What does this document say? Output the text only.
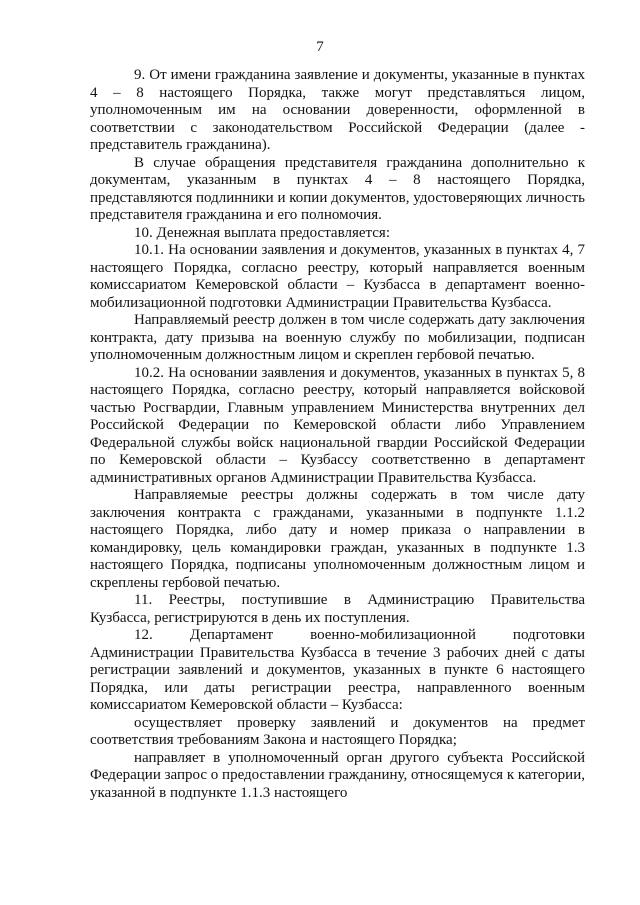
7

9. От имени гражданина заявление и документы, указанные в пунктах 4 – 8 настоящего Порядка, также могут представляться лицом, уполномоченным им на основании доверенности, оформленной в соответствии с законодательством Российской Федерации (далее - представитель гражданина).

В случае обращения представителя гражданина дополнительно к документам, указанным в пунктах 4 – 8 настоящего Порядка, представляются подлинники и копии документов, удостоверяющих личность представителя гражданина и его полномочия.

10. Денежная выплата предоставляется:

10.1. На основании заявления и документов, указанных в пунктах 4, 7 настоящего Порядка, согласно реестру, который направляется военным комиссариатом Кемеровской области – Кузбасса в департамент военно-мобилизационной подготовки Администрации Правительства Кузбасса.

Направляемый реестр должен в том числе содержать дату заключения контракта, дату призыва на военную службу по мобилизации, подписан уполномоченным должностным лицом и скреплен гербовой печатью.

10.2. На основании заявления и документов, указанных в пунктах 5, 8 настоящего Порядка, согласно реестру, который направляется войсковой частью Росгвардии, Главным управлением Министерства внутренних дел Российской Федерации по Кемеровской области либо Управлением Федеральной службы войск национальной гвардии Российской Федерации по Кемеровской области – Кузбассу соответственно в департамент административных органов Администрации Правительства Кузбасса.

Направляемые реестры должны содержать в том числе дату заключения контракта с гражданами, указанными в подпункте 1.1.2 настоящего Порядка, либо дату и номер приказа о направлении в командировку, цель командировки граждан, указанных в подпункте 1.3 настоящего Порядка, подписаны уполномоченным должностным лицом и скреплены гербовой печатью.

11. Реестры, поступившие в Администрацию Правительства Кузбасса, регистрируются в день их поступления.

12. Департамент военно-мобилизационной подготовки Администрации Правительства Кузбасса в течение 3 рабочих дней с даты регистрации заявлений и документов, указанных в пункте 6 настоящего Порядка, или даты регистрации реестра, направленного военным комиссариатом Кемеровской области – Кузбасса:

осуществляет проверку заявлений и документов на предмет соответствия требованиям Закона и настоящего Порядка;

направляет в уполномоченный орган другого субъекта Российской Федерации запрос о предоставлении гражданину, относящемуся к категории, указанной в подпункте 1.1.3 настоящего
